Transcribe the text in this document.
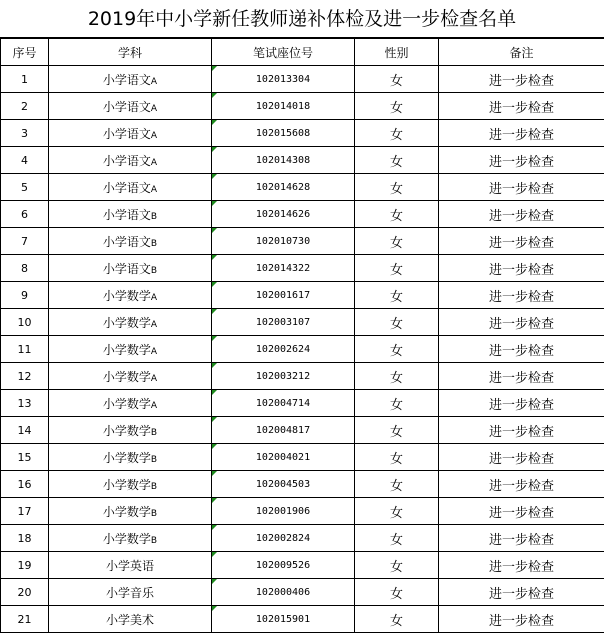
2019年中小学新任教师递补体检及进一步检查名单
序号	学科	笔试座位号	性别	备注
1	小学语文A	102013304	女	进一步检查
2	小学语文A	102014018	女	进一步检查
3	小学语文A	102015608	女	进一步检查
4	小学语文A	102014308	女	进一步检查
5	小学语文A	102014628	女	进一步检查
6	小学语文B	102014626	女	进一步检查
7	小学语文B	102010730	女	进一步检查
8	小学语文B	102014322	女	进一步检查
9	小学数学A	102001617	女	进一步检查
10	小学数学A	102003107	女	进一步检查
11	小学数学A	102002624	女	进一步检查
12	小学数学A	102003212	女	进一步检查
13	小学数学A	102004714	女	进一步检查
14	小学数学B	102004817	女	进一步检查
15	小学数学B	102004021	女	进一步检查
16	小学数学B	102004503	女	进一步检查
17	小学数学B	102001906	女	进一步检查
18	小学数学B	102002824	女	进一步检查
19	小学英语	102009526	女	进一步检查
20	小学音乐	102000406	女	进一步检查
21	小学美术	102015901	女	进一步检查
